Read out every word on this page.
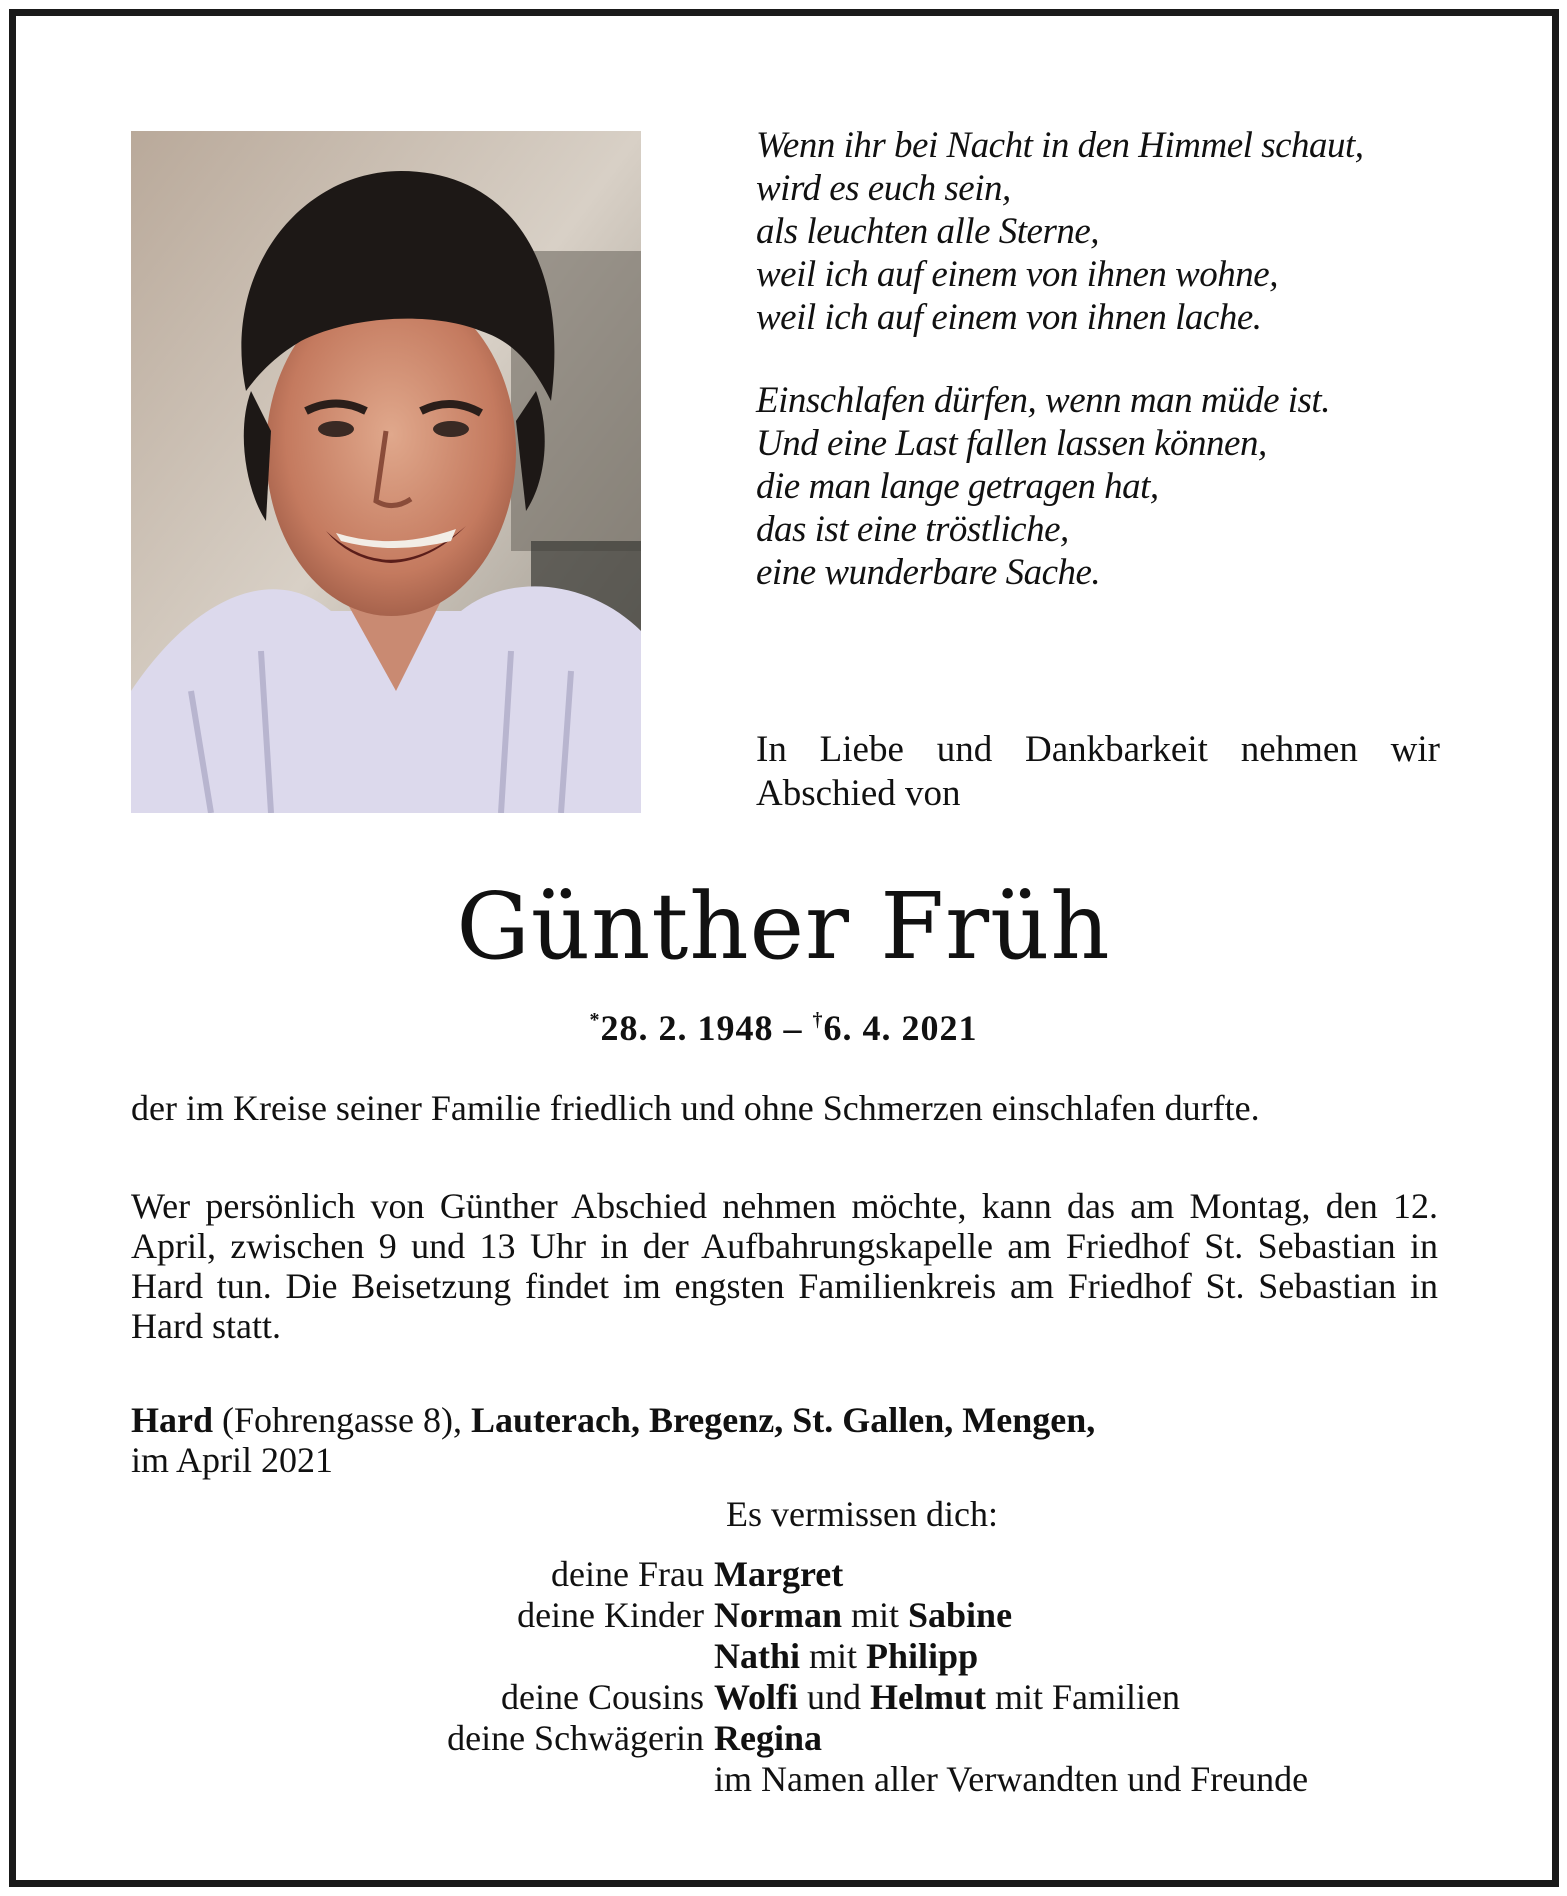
Wenn ihr bei Nacht in den Himmel schaut,
wird es euch sein,
als leuchten alle Sterne,
weil ich auf einem von ihnen wohne,
weil ich auf einem von ihnen lache.
Einschlafen dürfen, wenn man müde ist.
Und eine Last fallen lassen können,
die man lange getragen hat,
das ist eine tröstliche,
eine wunderbare Sache.
In Liebe und Dankbarkeit nehmen wir Abschied von
Günther Früh
*28. 2. 1948 – †6. 4. 2021
der im Kreise seiner Familie friedlich und ohne Schmerzen einschlafen durfte.
Wer persönlich von Günther Abschied nehmen möchte, kann das am Montag, den 12. April, zwischen 9 und 13 Uhr in der Aufbahrungskapelle am Friedhof St. Sebastian in Hard tun. Die Beisetzung findet im engsten Familienkreis am Friedhof St. Sebastian in Hard statt.
Hard (Fohrengasse 8), Lauterach, Bregenz, St. Gallen, Mengen,
im April 2021
Es vermissen dich:
deine Frau Margret
deine Kinder Norman mit Sabine
Nathi mit Philipp
deine Cousins Wolfi und Helmut mit Familien
deine Schwägerin Regina
im Namen aller Verwandten und Freunde
